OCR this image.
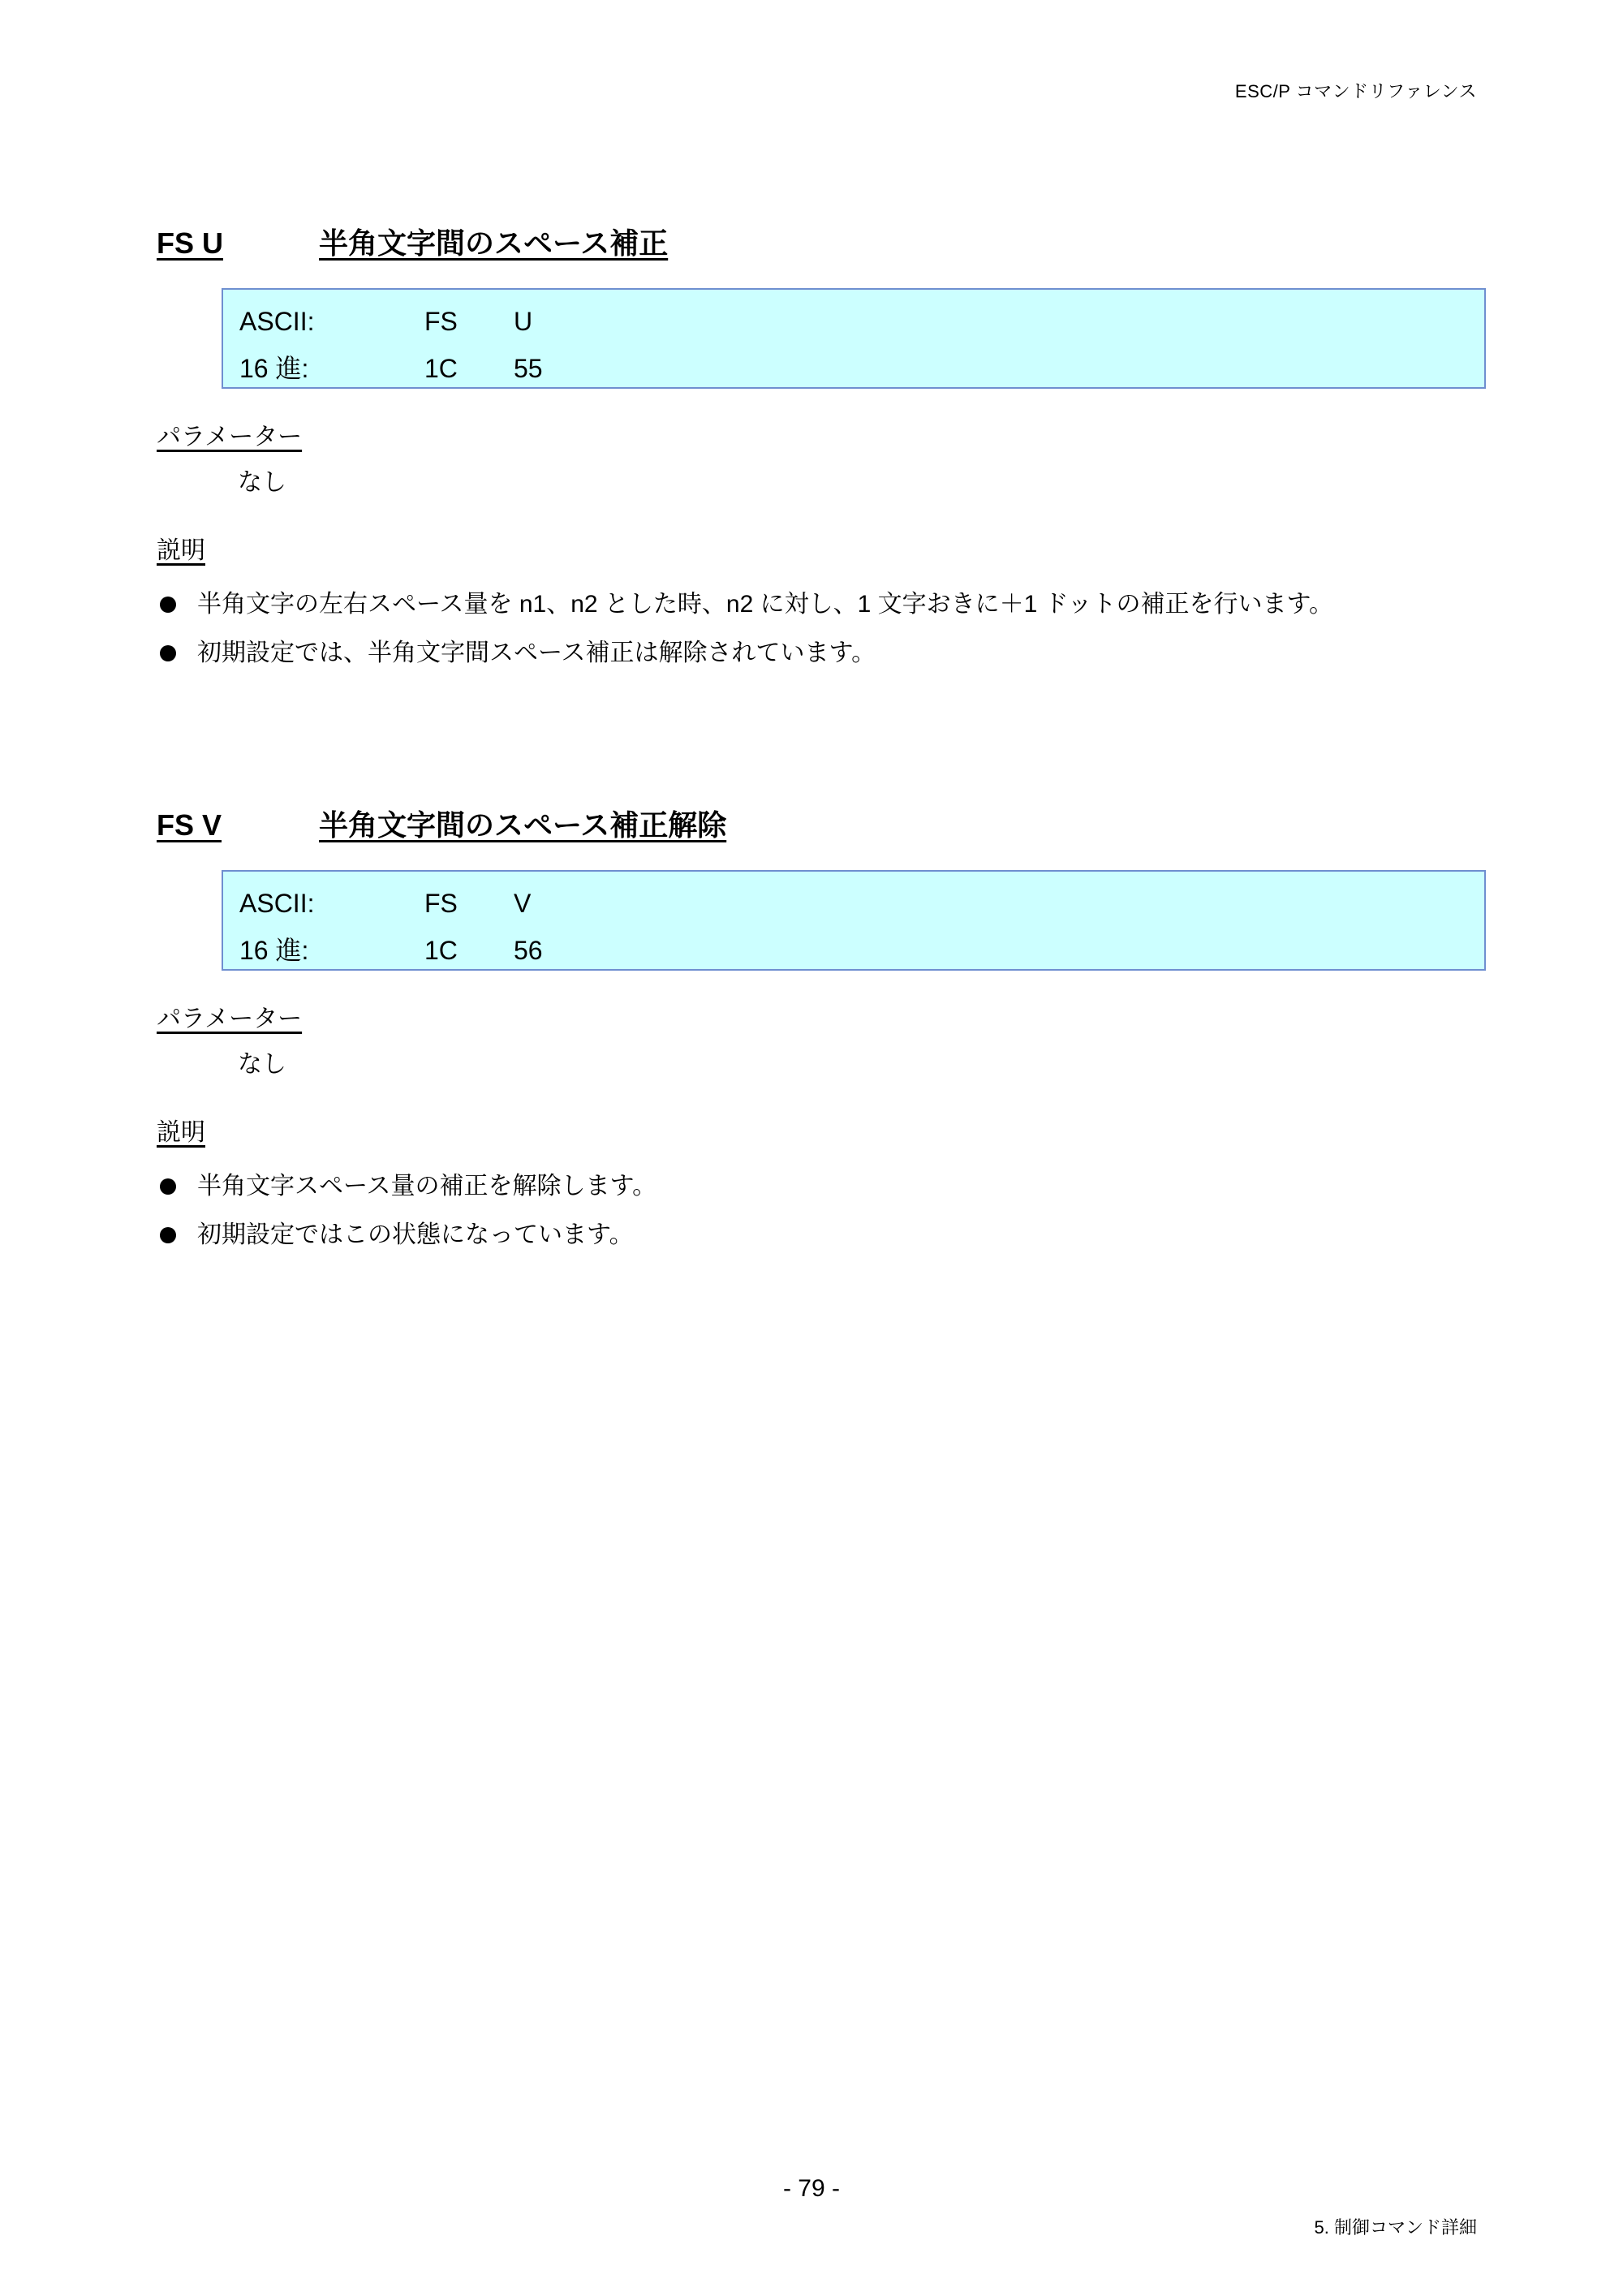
ESC/P コマンドリファレンス
FS U	半角文字間のスペース補正
ASCII:	FS	U
16 進:	1C	55
パラメーター
なし
説明
半角文字の左右スペース量を n1、n2 とした時、n2 に対し、1 文字おきに＋1 ドットの補正を行います。
初期設定では、半角文字間スペース補正は解除されています。
FS V	半角文字間のスペース補正解除
ASCII:	FS	V
16 進:	1C	56
パラメーター
なし
説明
半角文字スペース量の補正を解除します。
初期設定ではこの状態になっています。
- 79 -
5. 制御コマンド詳細
